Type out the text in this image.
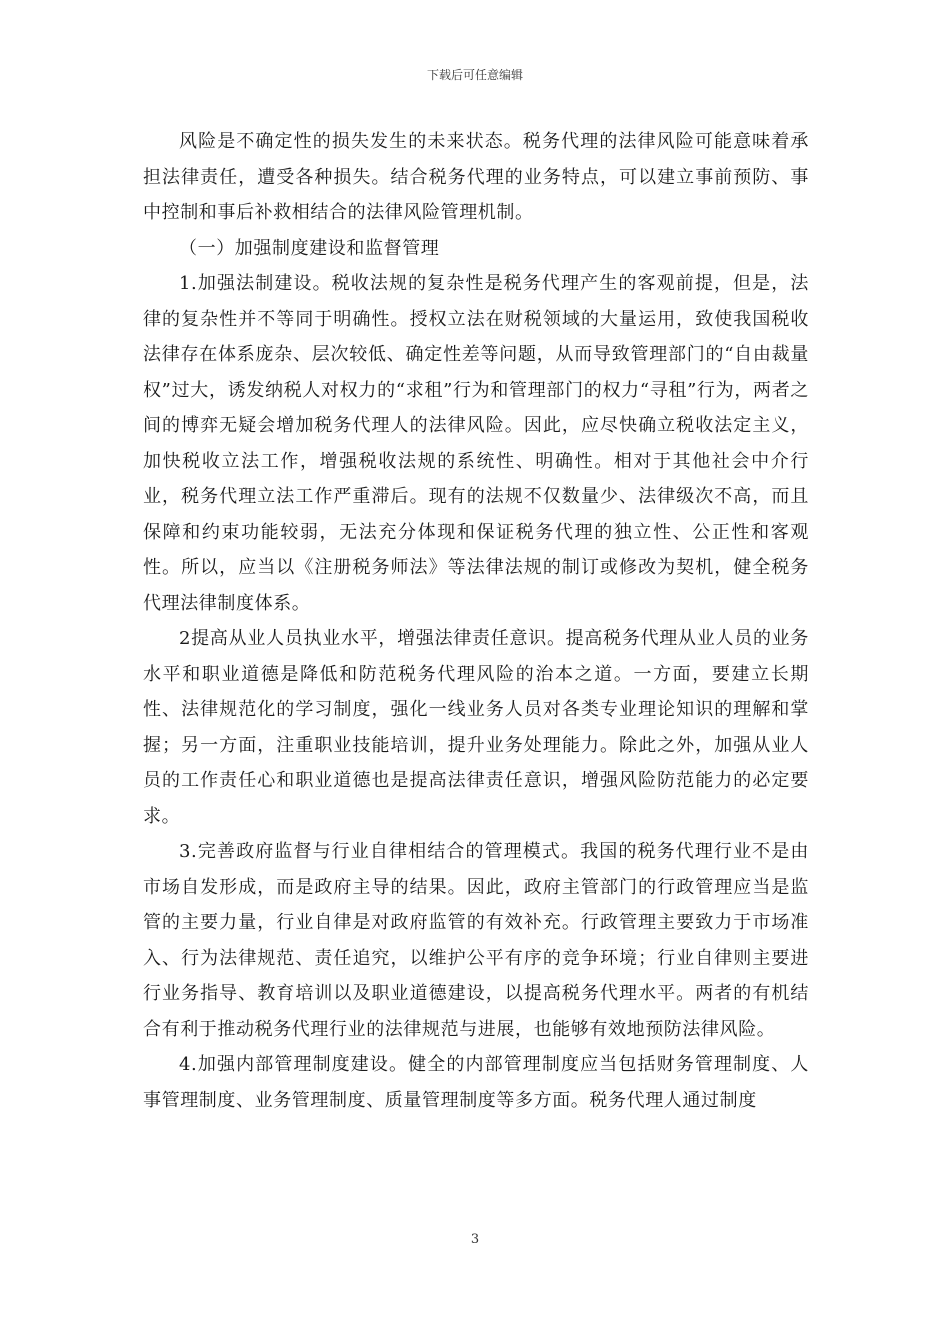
下载后可任意编辑

风险是不确定性的损失发生的未来状态。税务代理的法律风险可能意味着承担法律责任，遭受各种损失。结合税务代理的业务特点，可以建立事前预防、事中控制和事后补救相结合的法律风险管理机制。

（一）加强制度建设和监督管理

1.加强法制建设。税收法规的复杂性是税务代理产生的客观前提，但是，法律的复杂性并不等同于明确性。授权立法在财税领域的大量运用，致使我国税收法律存在体系庞杂、层次较低、确定性差等问题，从而导致管理部门的“自由裁量权”过大，诱发纳税人对权力的“求租”行为和管理部门的权力“寻租”行为，两者之间的博弈无疑会增加税务代理人的法律风险。因此，应尽快确立税收法定主义，加快税收立法工作，增强税收法规的系统性、明确性。相对于其他社会中介行业，税务代理立法工作严重滞后。现有的法规不仅数量少、法律级次不高，而且保障和约束功能较弱，无法充分体现和保证税务代理的独立性、公正性和客观性。所以，应当以《注册税务师法》等法律法规的制订或修改为契机，健全税务代理法律制度体系。

2提高从业人员执业水平，增强法律责任意识。提高税务代理从业人员的业务水平和职业道德是降低和防范税务代理风险的治本之道。一方面，要建立长期性、法律规范化的学习制度，强化一线业务人员对各类专业理论知识的理解和掌握；另一方面，注重职业技能培训，提升业务处理能力。除此之外，加强从业人员的工作责任心和职业道德也是提高法律责任意识，增强风险防范能力的必定要求。

3.完善政府监督与行业自律相结合的管理模式。我国的税务代理行业不是由市场自发形成，而是政府主导的结果。因此，政府主管部门的行政管理应当是监管的主要力量，行业自律是对政府监管的有效补充。行政管理主要致力于市场准入、行为法律规范、责任追究，以维护公平有序的竞争环境；行业自律则主要进行业务指导、教育培训以及职业道德建设，以提高税务代理水平。两者的有机结合有利于推动税务代理行业的法律规范与进展，也能够有效地预防法律风险。

4.加强内部管理制度建设。健全的内部管理制度应当包括财务管理制度、人事管理制度、业务管理制度、质量管理制度等多方面。税务代理人通过制度

3
